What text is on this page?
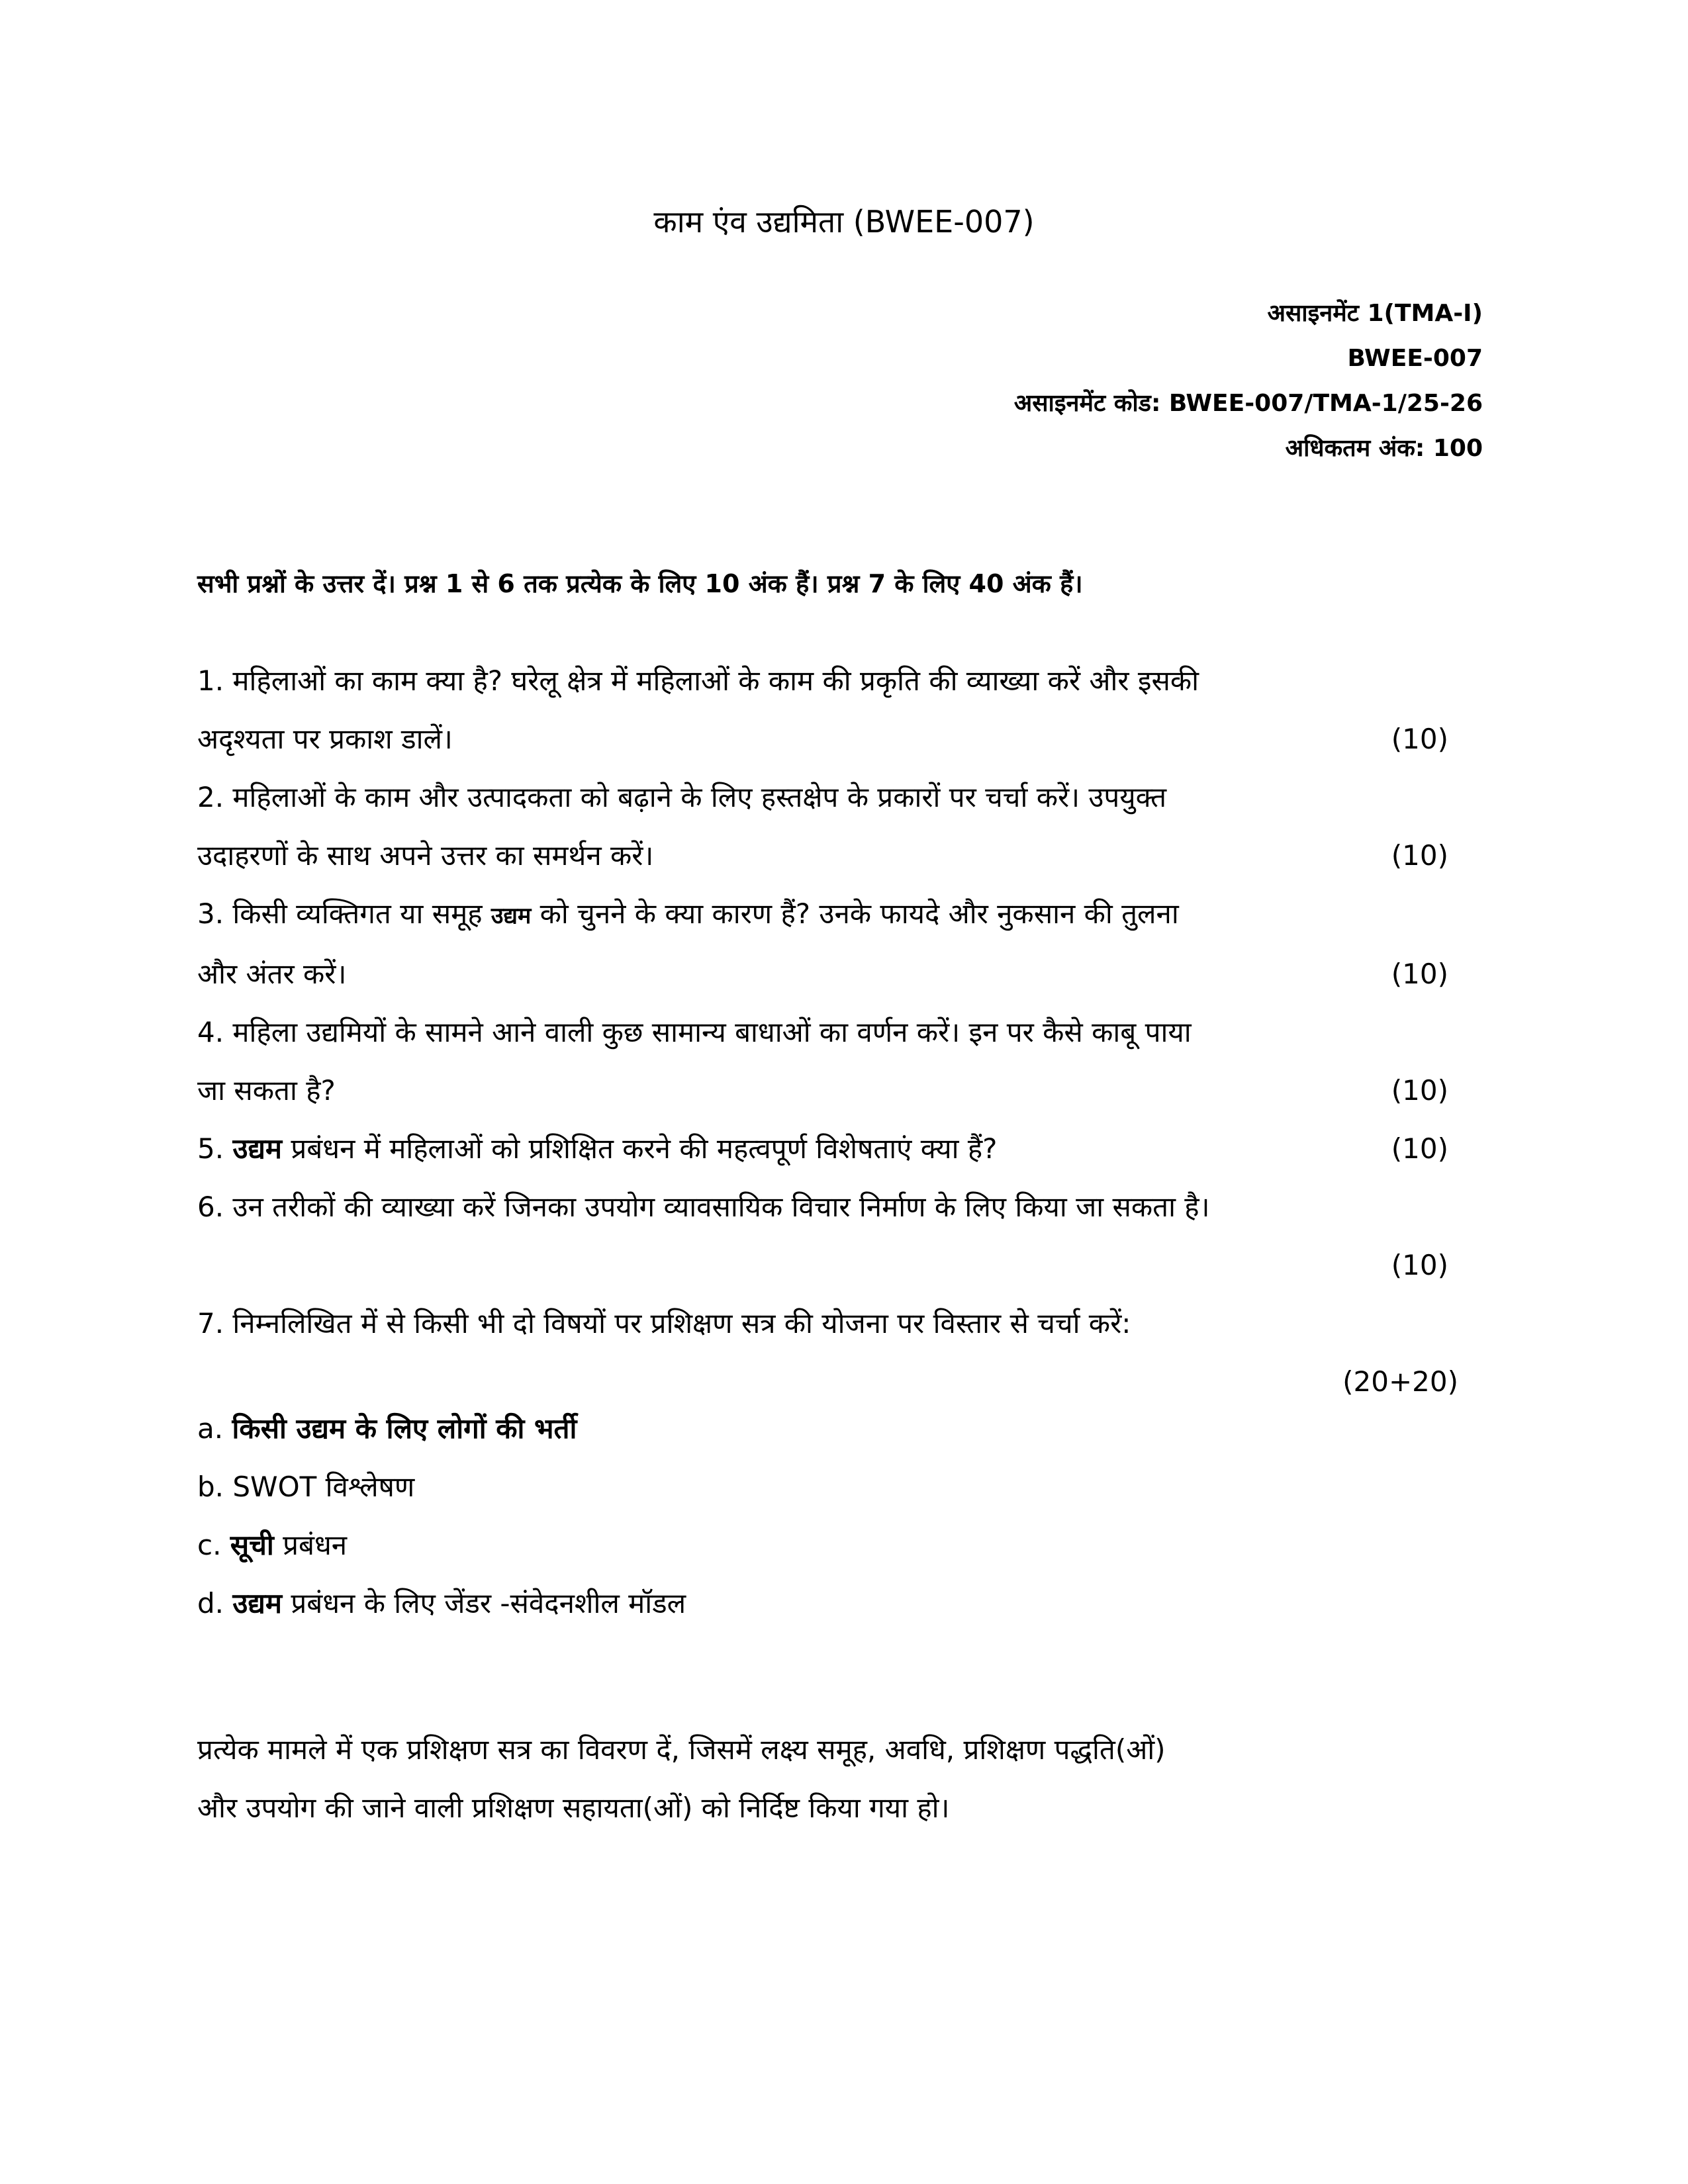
काम एंव उद्यमिता (BWEE-007)
असाइनमेंट 1(TMA-I)
BWEE-007
असाइनमेंट कोड: BWEE-007/TMA-1/25-26
अधिकतम अंक: 100
सभी प्रश्नों के उत्तर दें। प्रश्न 1 से 6 तक प्रत्येक के लिए 10 अंक हैं। प्रश्न 7 के लिए 40 अंक हैं।
1. महिलाओं का काम क्या है? घरेलू क्षेत्र में महिलाओं के काम की प्रकृति की व्याख्या करें और इसकी
अदृश्यता पर प्रकाश डालें।	(10)
2. महिलाओं के काम और उत्पादकता को बढ़ाने के लिए हस्तक्षेप के प्रकारों पर चर्चा करें। उपयुक्त
उदाहरणों के साथ अपने उत्तर का समर्थन करें।	(10)
3. किसी व्यक्तिगत या समूह उद्यम को चुनने के क्या कारण हैं? उनके फायदे और नुकसान की तुलना
और अंतर करें।	(10)
4. महिला उद्यमियों के सामने आने वाली कुछ सामान्य बाधाओं का वर्णन करें। इन पर कैसे काबू पाया
जा सकता है?	(10)
5. उद्यम प्रबंधन में महिलाओं को प्रशिक्षित करने की महत्वपूर्ण विशेषताएं क्या हैं?	(10)
6. उन तरीकों की व्याख्या करें जिनका उपयोग व्यावसायिक विचार निर्माण के लिए किया जा सकता है।
(10)
7. निम्नलिखित में से किसी भी दो विषयों पर प्रशिक्षण सत्र की योजना पर विस्तार से चर्चा करें:
(20+20)
a. किसी उद्यम के लिए लोगों की भर्ती
b. SWOT विश्लेषण
c. सूची प्रबंधन
d. उद्यम प्रबंधन के लिए जेंडर -संवेदनशील मॉडल
प्रत्येक मामले में एक प्रशिक्षण सत्र का विवरण दें, जिसमें लक्ष्य समूह, अवधि, प्रशिक्षण पद्धति(ओं)
और उपयोग की जाने वाली प्रशिक्षण सहायता(ओं) को निर्दिष्ट किया गया हो।
